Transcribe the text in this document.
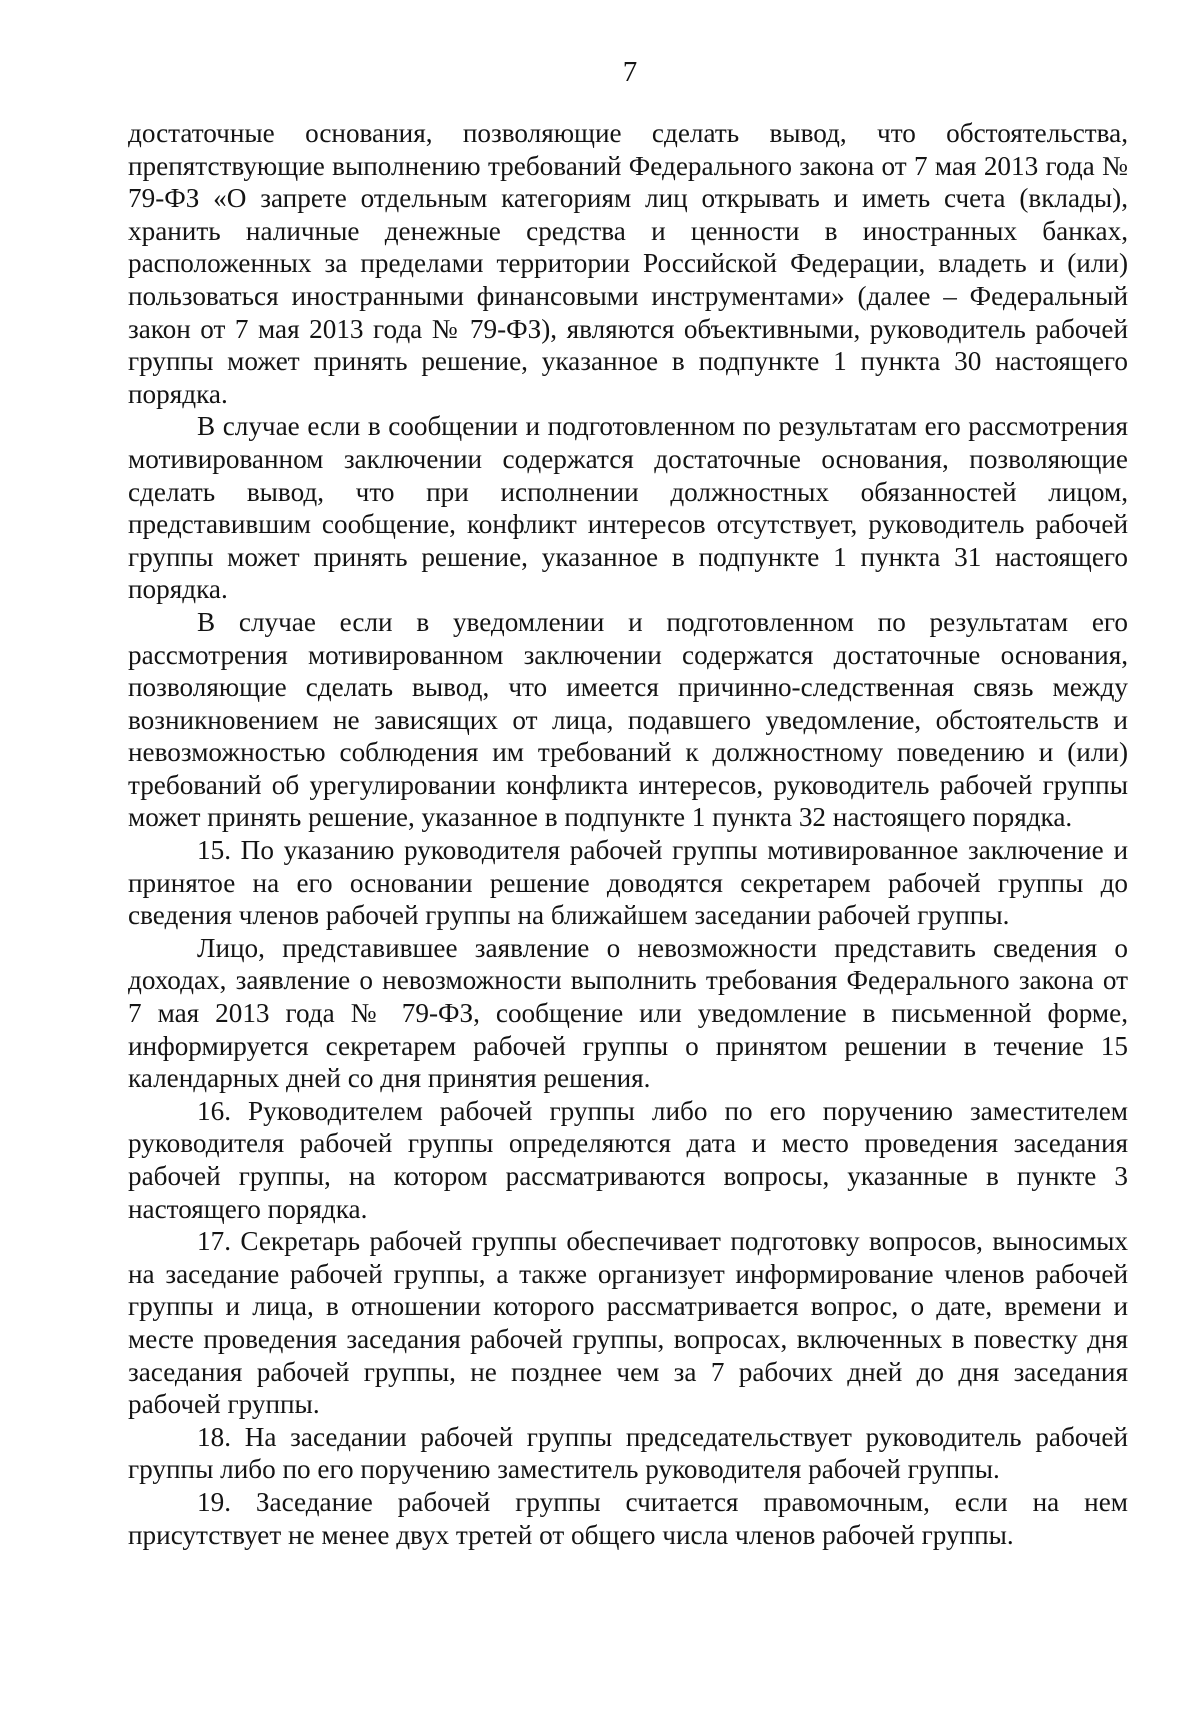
7

достаточные основания, позволяющие сделать вывод, что обстоятельства, препятствующие выполнению требований Федерального закона от 7 мая 2013 года № 79-ФЗ «О запрете отдельным категориям лиц открывать и иметь счета (вклады), хранить наличные денежные средства и ценности в иностранных банках, расположенных за пределами территории Российской Федерации, владеть и (или) пользоваться иностранными финансовыми инструментами» (далее – Федеральный закон от 7 мая 2013 года № 79-ФЗ), являются объективными, руководитель рабочей группы может принять решение, указанное в подпункте 1 пункта 30 настоящего порядка.

В случае если в сообщении и подготовленном по результатам его рассмотрения мотивированном заключении содержатся достаточные основания, позволяющие сделать вывод, что при исполнении должностных обязанностей лицом, представившим сообщение, конфликт интересов отсутствует, руководитель рабочей группы может принять решение, указанное в подпункте 1 пункта 31 настоящего порядка.

В случае если в уведомлении и подготовленном по результатам его рассмотрения мотивированном заключении содержатся достаточные основания, позволяющие сделать вывод, что имеется причинно-следственная связь между возникновением не зависящих от лица, подавшего уведомление, обстоятельств и невозможностью соблюдения им требований к должностному поведению и (или) требований об урегулировании конфликта интересов, руководитель рабочей группы может принять решение, указанное в подпункте 1 пункта 32 настоящего порядка.

15. По указанию руководителя рабочей группы мотивированное заключение и принятое на его основании решение доводятся секретарем рабочей группы до сведения членов рабочей группы на ближайшем заседании рабочей группы.

Лицо, представившее заявление о невозможности представить сведения о доходах, заявление о невозможности выполнить требования Федерального закона от 7 мая 2013 года № 79-ФЗ, сообщение или уведомление в письменной форме, информируется секретарем рабочей группы о принятом решении в течение 15 календарных дней со дня принятия решения.

16. Руководителем рабочей группы либо по его поручению заместителем руководителя рабочей группы определяются дата и место проведения заседания рабочей группы, на котором рассматриваются вопросы, указанные в пункте 3 настоящего порядка.

17. Секретарь рабочей группы обеспечивает подготовку вопросов, выносимых на заседание рабочей группы, а также организует информирование членов рабочей группы и лица, в отношении которого рассматривается вопрос, о дате, времени и месте проведения заседания рабочей группы, вопросах, включенных в повестку дня заседания рабочей группы, не позднее чем за 7 рабочих дней до дня заседания рабочей группы.

18. На заседании рабочей группы председательствует руководитель рабочей группы либо по его поручению заместитель руководителя рабочей группы.

19. Заседание рабочей группы считается правомочным, если на нем присутствует не менее двух третей от общего числа членов рабочей группы.
